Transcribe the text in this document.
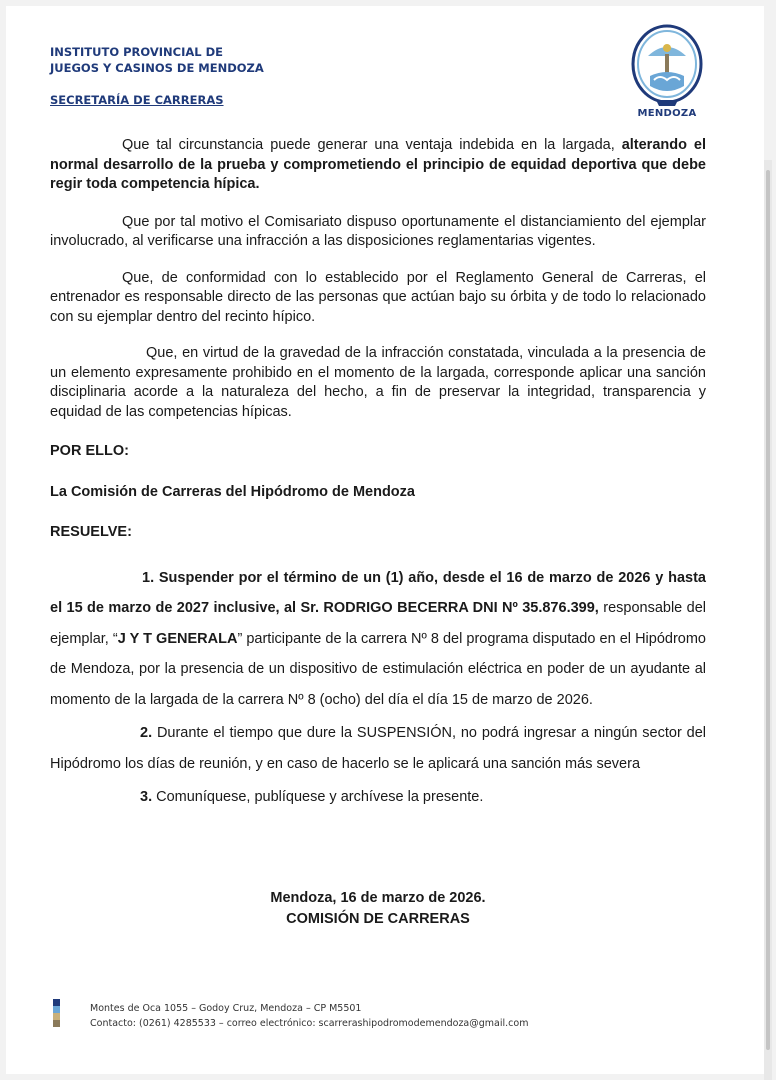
INSTITUTO PROVINCIAL DE
JUEGOS Y CASINOS DE MENDOZA
SECRETARÍA DE CARRERAS
MENDOZA

Que tal circunstancia puede generar una ventaja indebida en la largada, alterando el normal desarrollo de la prueba y comprometiendo el principio de equidad deportiva que debe regir toda competencia hípica.

Que por tal motivo el Comisariato dispuso oportunamente el distanciamiento del ejemplar involucrado, al verificarse una infracción a las disposiciones reglamentarias vigentes.

Que, de conformidad con lo establecido por el Reglamento General de Carreras, el entrenador es responsable directo de las personas que actúan bajo su órbita y de todo lo relacionado con su ejemplar dentro del recinto hípico.

Que, en virtud de la gravedad de la infracción constatada, vinculada a la presencia de un elemento expresamente prohibido en el momento de la largada, corresponde aplicar una sanción disciplinaria acorde a la naturaleza del hecho, a fin de preservar la integridad, transparencia y equidad de las competencias hípicas.

POR ELLO:

La Comisión de Carreras del Hipódromo de Mendoza

RESUELVE:

1. Suspender por el término de un (1) año, desde el 16 de marzo de 2026 y hasta el 15 de marzo de 2027 inclusive, al Sr. RODRIGO BECERRA DNI Nº 35.876.399, responsable del ejemplar, “J Y T GENERALA” participante de la carrera Nº 8 del programa disputado en el Hipódromo de Mendoza, por la presencia de un dispositivo de estimulación eléctrica en poder de un ayudante al momento de la largada de la carrera Nº 8 (ocho) del día el día 15 de marzo de 2026.

2. Durante el tiempo que dure la SUSPENSIÓN, no podrá ingresar a ningún sector del Hipódromo los días de reunión, y en caso de hacerlo se le aplicará una sanción más severa

3. Comuníquese, publíquese y archívese la presente.

Mendoza, 16 de marzo de 2026.
COMISIÓN DE CARRERAS
Montes de Oca 1055 – Godoy Cruz, Mendoza – CP M5501
Contacto: (0261) 4285533 – correo electrónico: scarrerashipodromodemendoza@gmail.com
